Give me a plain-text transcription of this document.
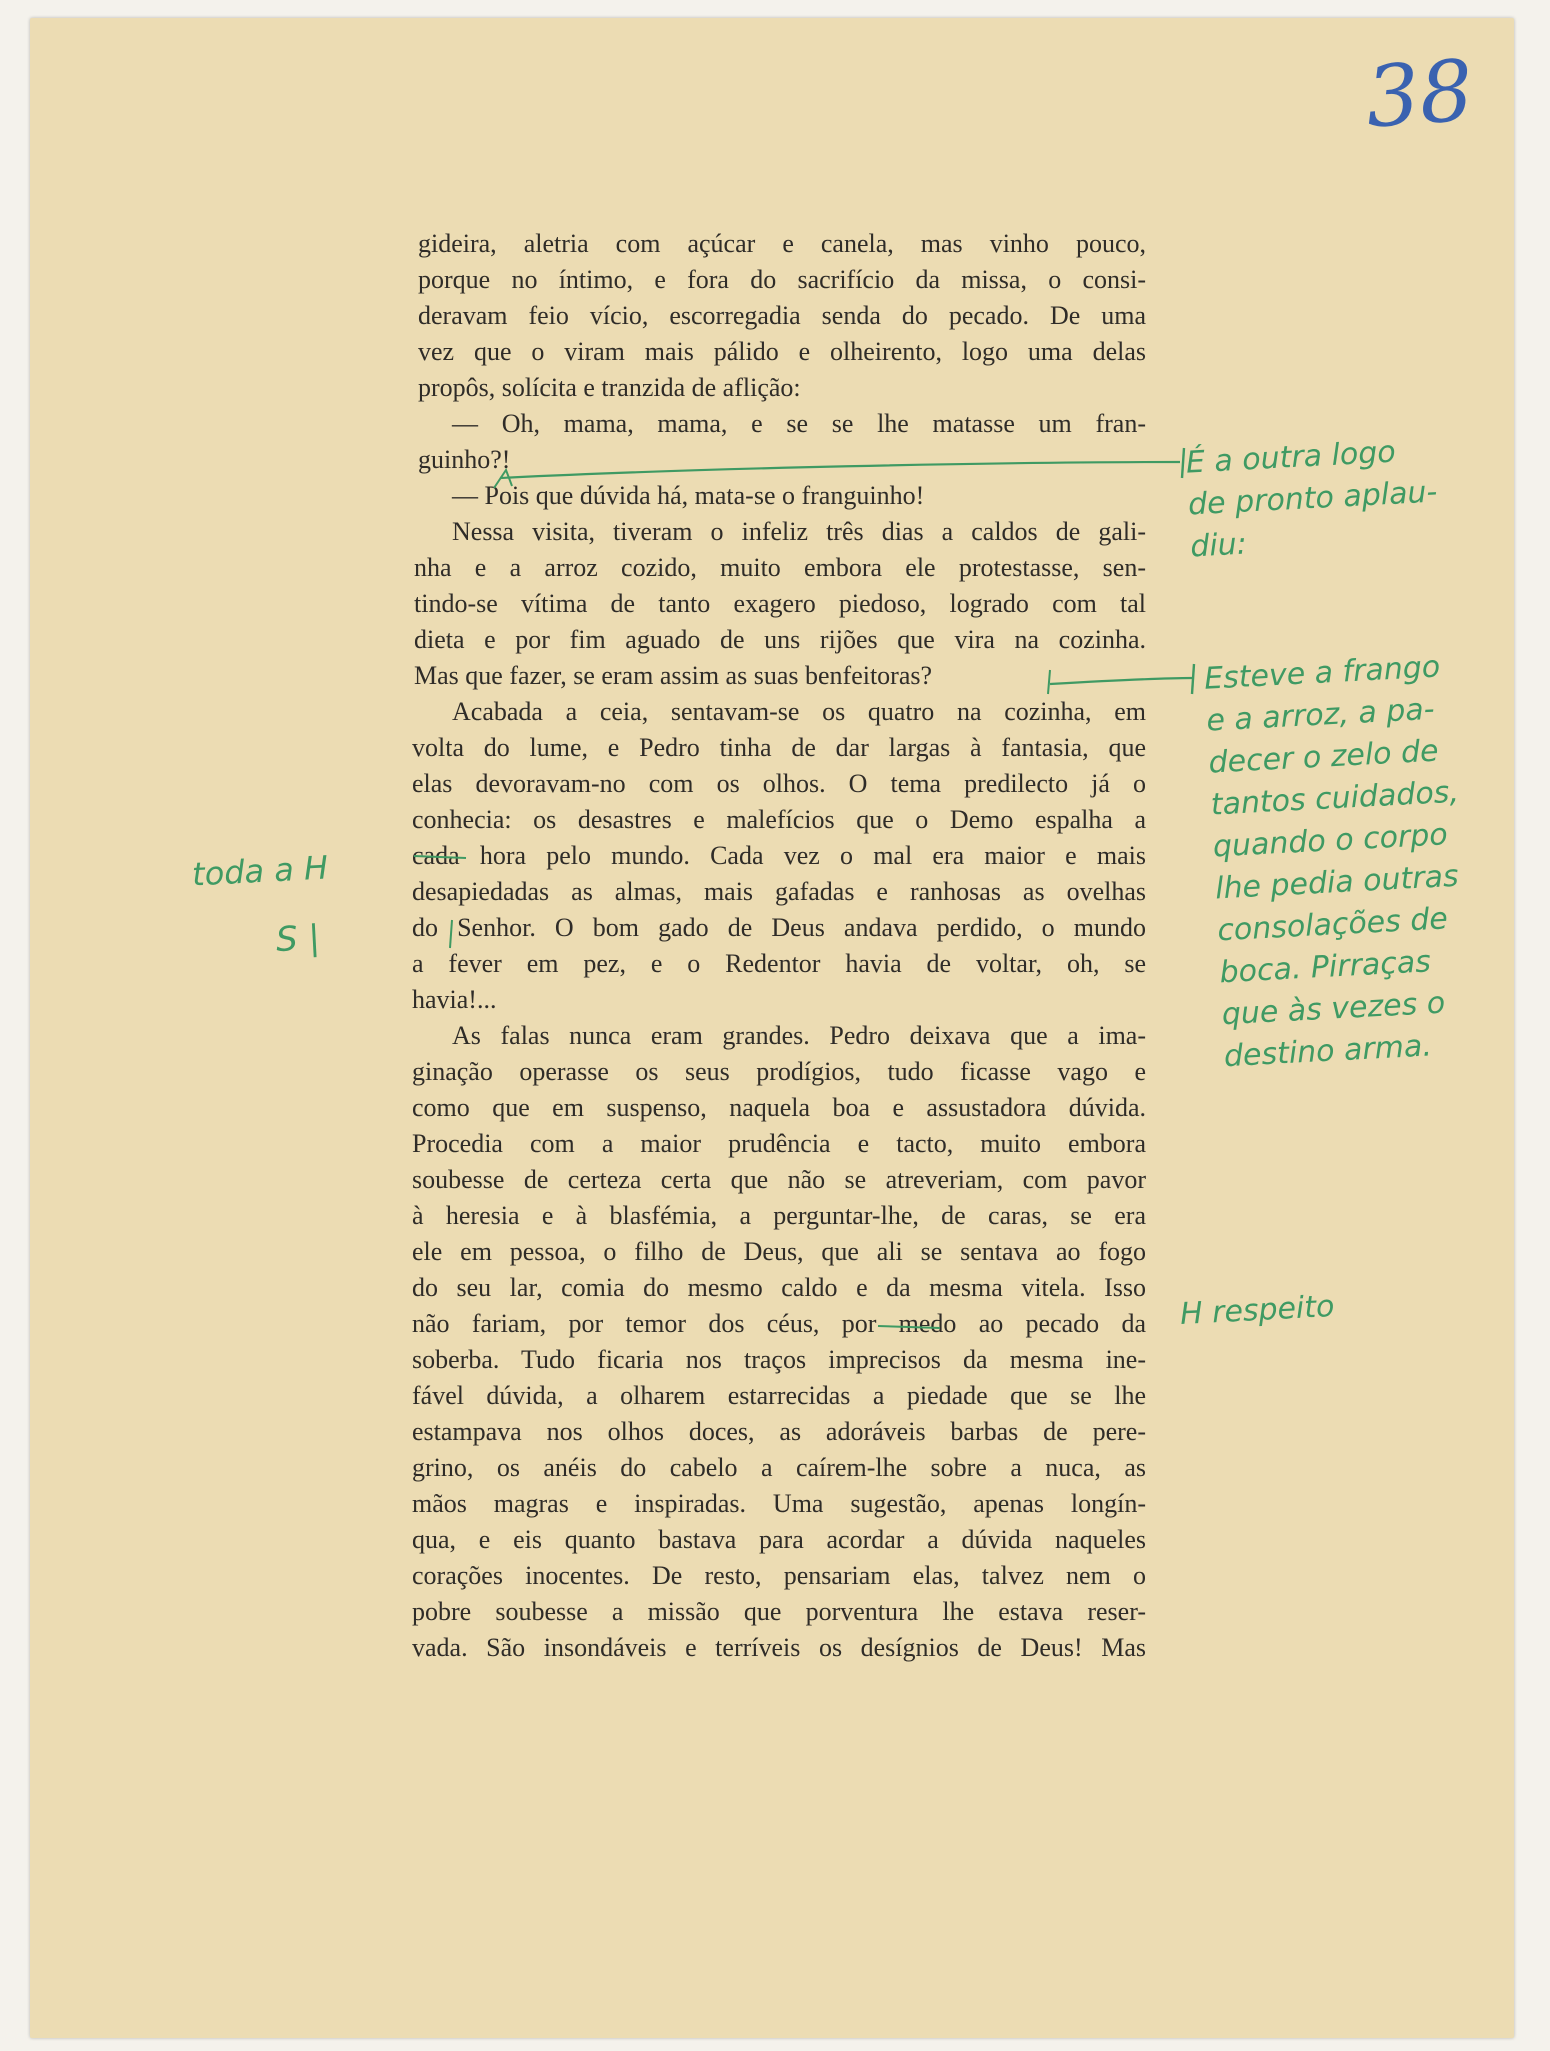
38
gideira, aletria com açúcar e canela, mas vinho pouco,
porque no íntimo, e fora do sacrifício da missa, o consi-
deravam feio vício, escorregadia senda do pecado. De uma
vez que o viram mais pálido e olheirento, logo uma delas
propôs, solícita e tranzida de aflição:
— Oh, mama, mama, e se se lhe matasse um fran-
guinho?!
— Pois que dúvida há, mata-se o franguinho!
Nessa visita, tiveram o infeliz três dias a caldos de gali-
nha e a arroz cozido, muito embora ele protestasse, sen-
tindo-se vítima de tanto exagero piedoso, logrado com tal
dieta e por fim aguado de uns rijões que vira na cozinha.
Mas que fazer, se eram assim as suas benfeitoras?
Acabada a ceia, sentavam-se os quatro na cozinha, em
volta do lume, e Pedro tinha de dar largas à fantasia, que
elas devoravam-no com os olhos. O tema predilecto já o
conhecia: os desastres e malefícios que o Demo espalha a
cada hora pelo mundo. Cada vez o mal era maior e mais
desapiedadas as almas, mais gafadas e ranhosas as ovelhas
do Senhor. O bom gado de Deus andava perdido, o mundo
a fever em pez, e o Redentor havia de voltar, oh, se
havia!...
As falas nunca eram grandes. Pedro deixava que a ima-
ginação operasse os seus prodígios, tudo ficasse vago e
como que em suspenso, naquela boa e assustadora dúvida.
Procedia com a maior prudência e tacto, muito embora
soubesse de certeza certa que não se atreveriam, com pavor
à heresia e à blasfémia, a perguntar-lhe, de caras, se era
ele em pessoa, o filho de Deus, que ali se sentava ao fogo
do seu lar, comia do mesmo caldo e da mesma vitela. Isso
não fariam, por temor dos céus, por medo ao pecado da
soberba. Tudo ficaria nos traços imprecisos da mesma ine-
fável dúvida, a olharem estarrecidas a piedade que se lhe
estampava nos olhos doces, as adoráveis barbas de pere-
grino, os anéis do cabelo a caírem-lhe sobre a nuca, as
mãos magras e inspiradas. Uma sugestão, apenas longín-
qua, e eis quanto bastava para acordar a dúvida naqueles
corações inocentes. De resto, pensariam elas, talvez nem o
pobre soubesse a missão que porventura lhe estava reser-
vada. São insondáveis e terríveis os desígnios de Deus! Mas
É a outra logo
de pronto aplau-
diu:
Esteve a frango
e a arroz, a pa-
decer o zelo de
tantos cuidados,
quando o corpo
lhe pedia outras
consolações de
boca. Pirraças
que às vezes o
destino arma.
toda a H
S |
H respeito
